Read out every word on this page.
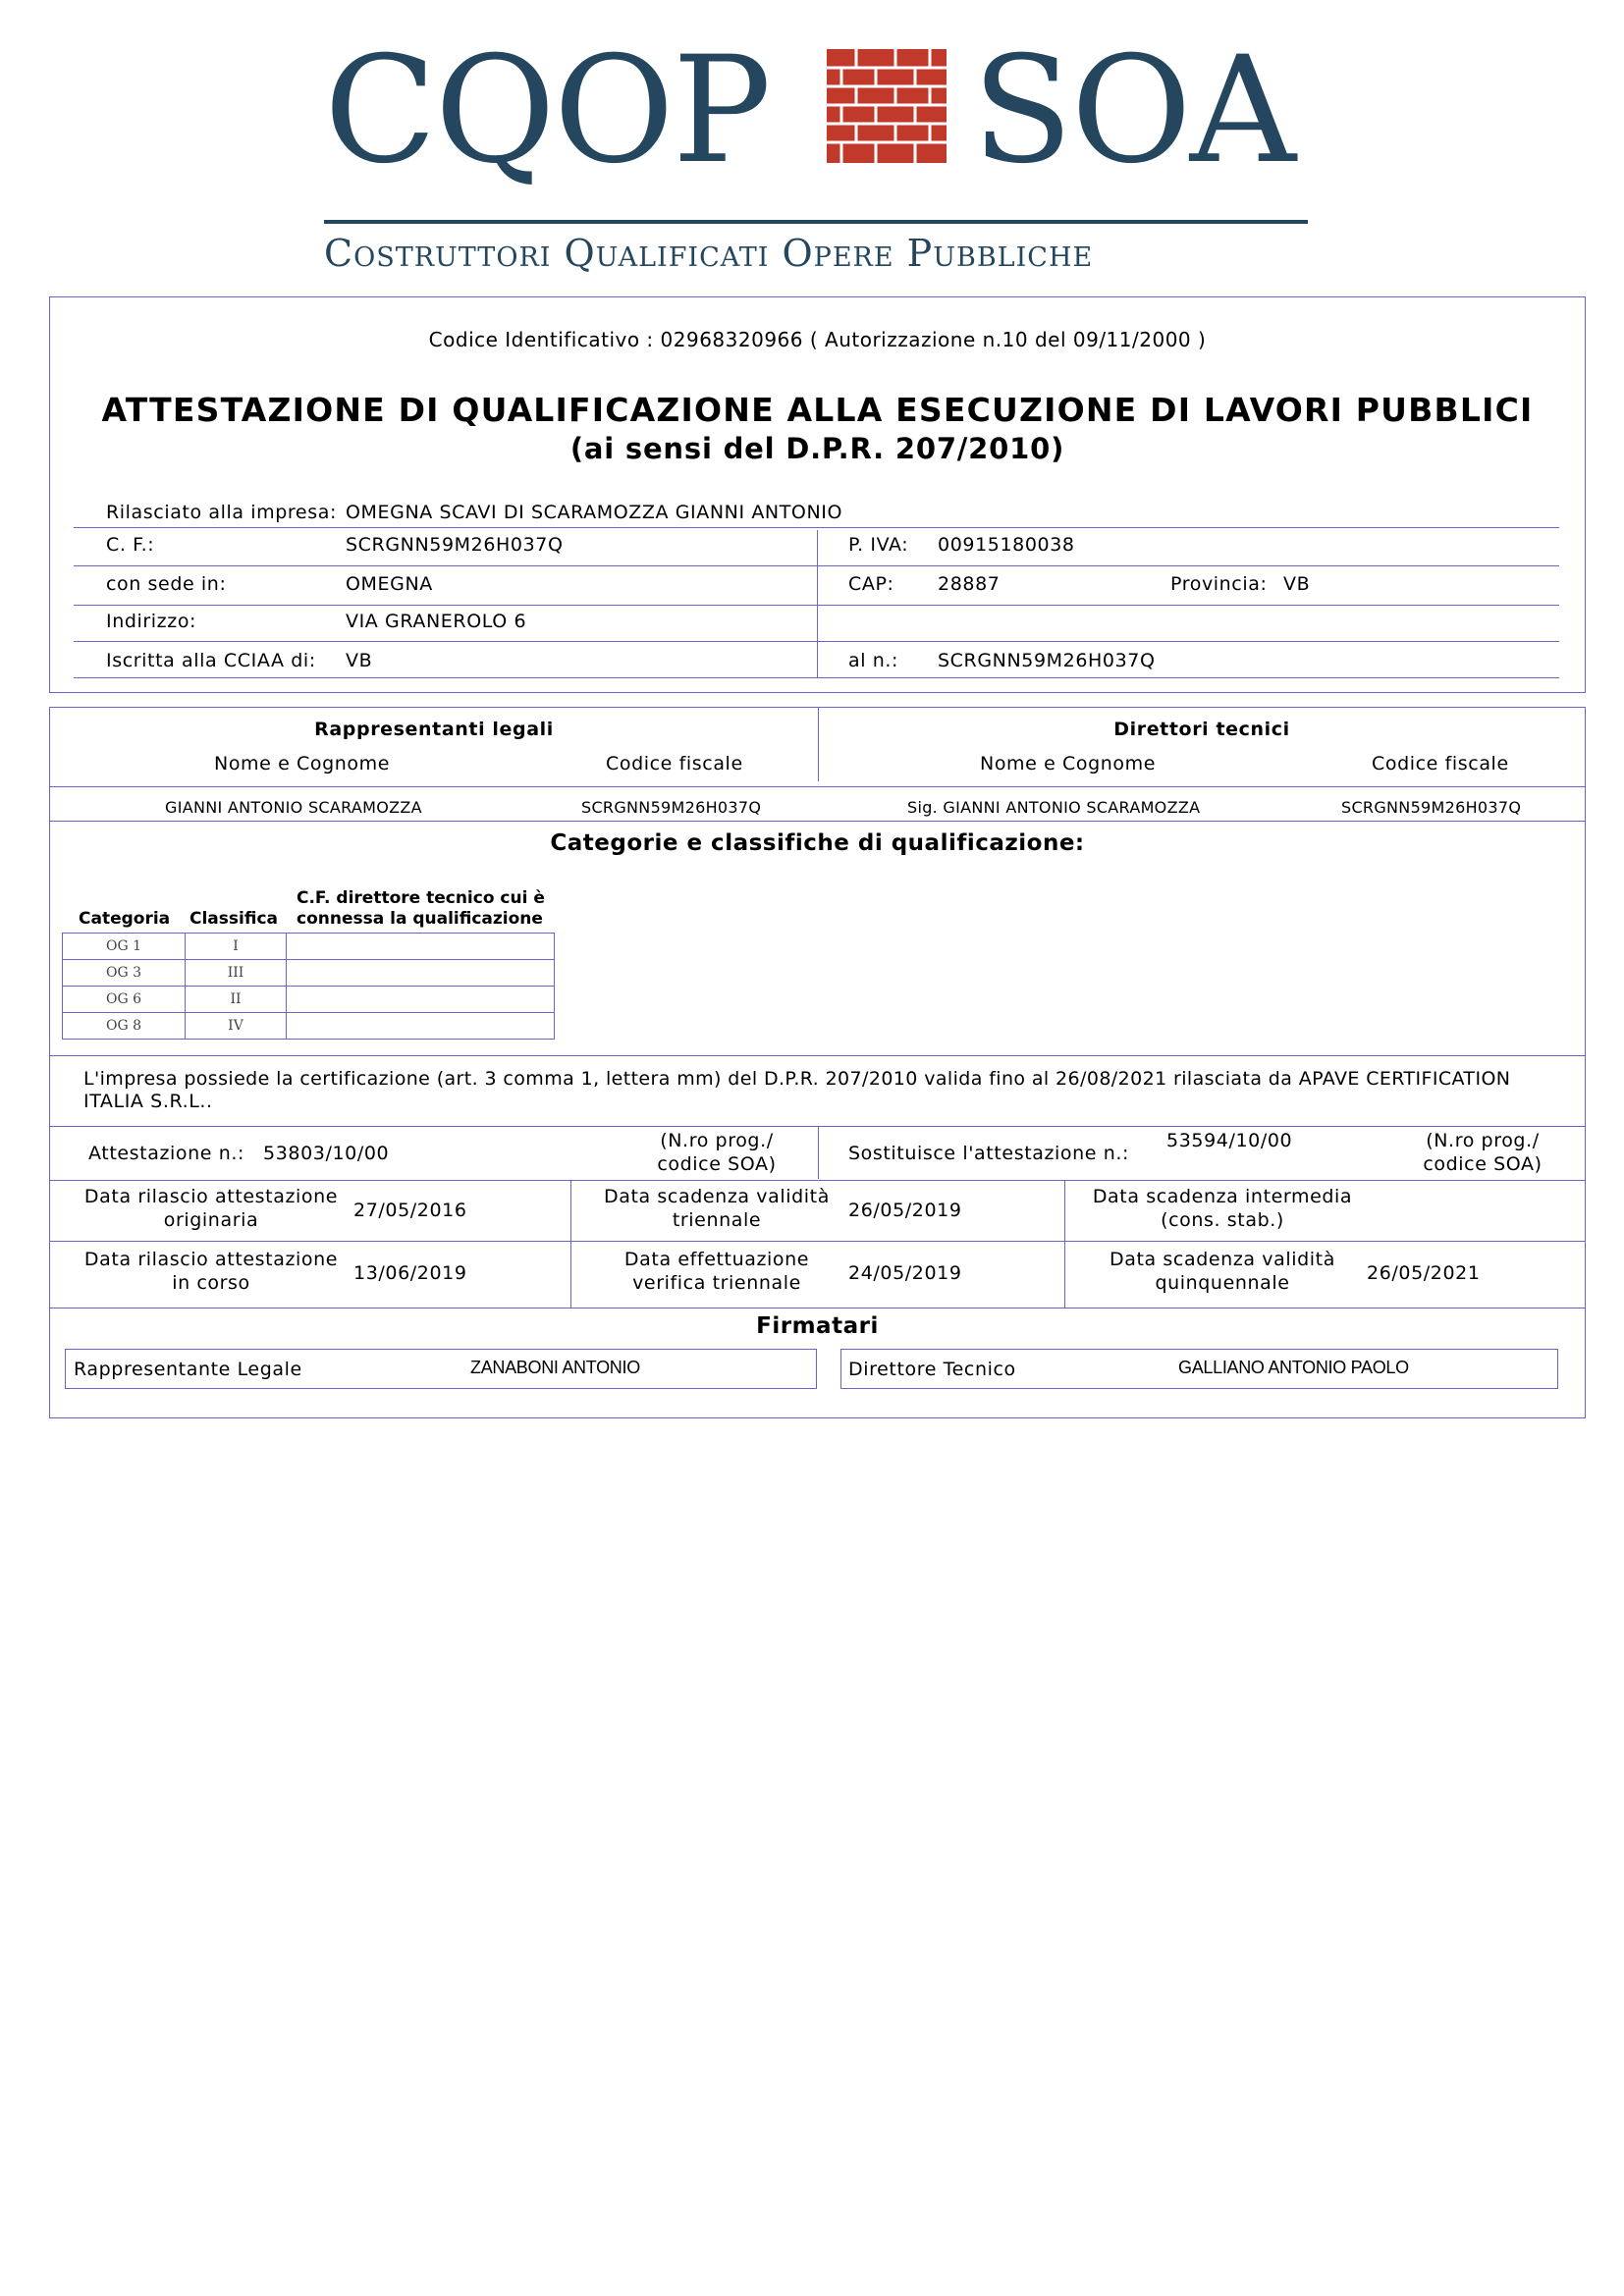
CQOP SOA
Costruttori Qualificati Opere Pubbliche
Codice Identificativo : 02968320966 ( Autorizzazione n.10 del 09/11/2000 )
ATTESTAZIONE DI QUALIFICAZIONE ALLA ESECUZIONE DI LAVORI PUBBLICI
(ai sensi del D.P.R. 207/2010)
Rilasciato alla impresa: OMEGNA SCAVI DI SCARAMOZZA GIANNI ANTONIO
C. F.:	SCRGNN59M26H037Q	P. IVA: 00915180038
con sede in:	OMEGNA	CAP: 28887	Provincia: VB
Indirizzo:	VIA GRANEROLO 6
Iscritta alla CCIAA di: VB	al n.: SCRGNN59M26H037Q
Rappresentanti legali
Nome e Cognome	Codice fiscale
Direttori tecnici
Nome e Cognome	Codice fiscale
GIANNI ANTONIO SCARAMOZZA	SCRGNN59M26H037Q	Sig. GIANNI ANTONIO SCARAMOZZA	SCRGNN59M26H037Q
Categorie e classifiche di qualificazione:
Categoria Classifica
C.F. direttore tecnico cui è
connessa la qualificazione
OG 1	I	
OG 3	III	
OG 6	II	
OG 8	IV	
L'impresa possiede la certificazione (art. 3 comma 1, lettera mm) del D.P.R. 207/2010 valida fino al 26/08/2021 rilasciata da APAVE CERTIFICATION
ITALIA S.R.L..
Attestazione n.: 53803/10/00
(N.ro prog./
codice SOA)	Sostituisce l'attestazione n.:
53594/10/00	(N.ro prog./
codice SOA)
Data rilascio attestazione
originaria	27/05/2016
Data scadenza validità
triennale	26/05/2019
Data scadenza intermedia
(cons. stab.)
Data rilascio attestazione
in corso	13/06/2019
Data effettuazione
verifica triennale	24/05/2019
Data scadenza validità
quinquennale	26/05/2021
Firmatari
Rappresentante Legale	ZANABONI ANTONIO	Direttore Tecnico	GALLIANO ANTONIO PAOLO
